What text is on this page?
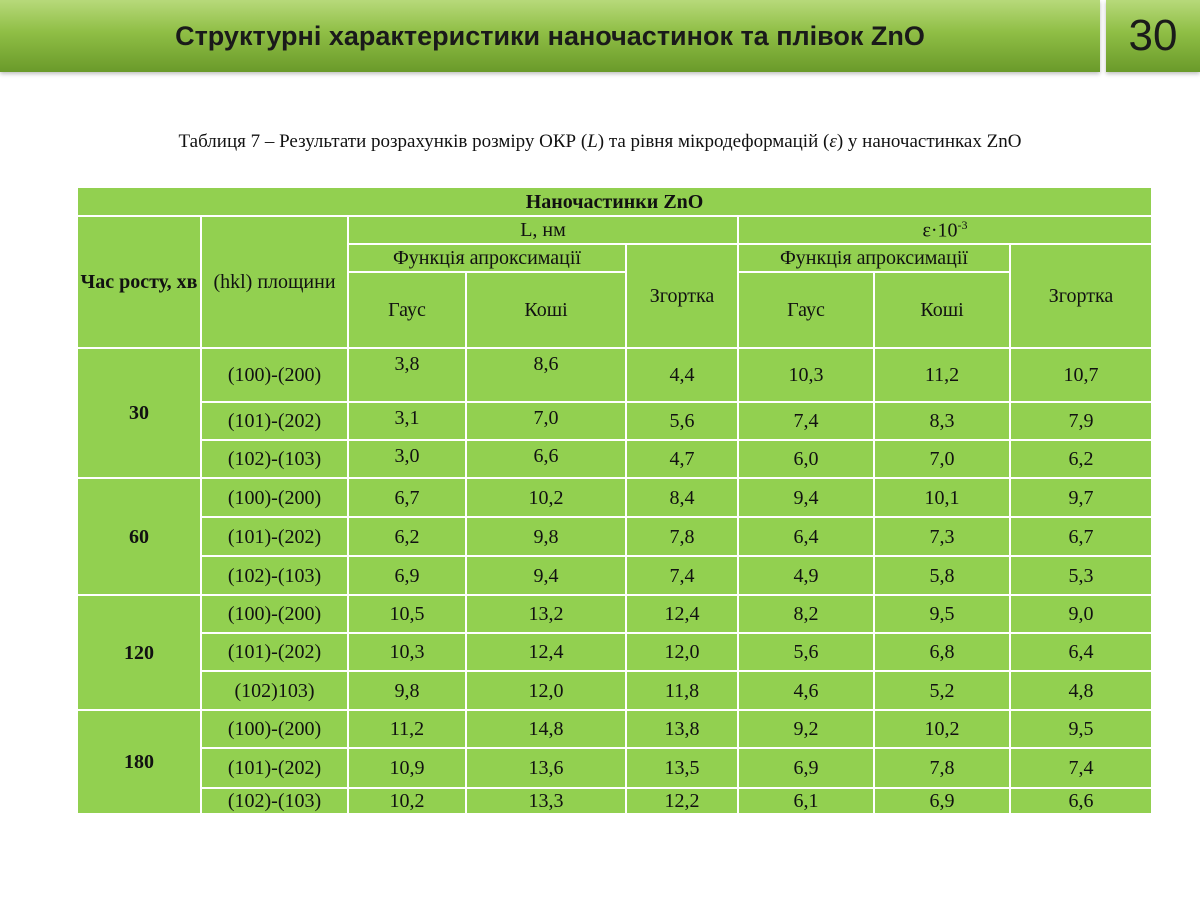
Структурні характеристики наночастинок та плівок ZnO	30
Таблиця 7 – Результати розрахунків розміру ОКР (L) та рівня мікродеформацій (ε) у наночастинках ZnO
Наночастинки ZnO							
Час росту, хв	(hkl) площини	L, нм			$\varepsilon\cdot 10^{-3}$
		Функція апроксимації		Згортка	Функція апроксимації		Згортка
		Гаус	Коші		Гаус	Коші	
30	(100)-(200)	3,8	8,6	4,4	10,3	11,2	10,7
	(101)-(202)	3,1	7,0	5,6	7,4	8,3	7,9
	(102)-(103)	3,0	6,6	4,7	6,0	7,0	6,2
60	(100)-(200)	6,7	10,2	8,4	9,4	10,1	9,7
	(101)-(202)	6,2	9,8	7,8	6,4	7,3	6,7
	(102)-(103)	6,9	9,4	7,4	4,9	5,8	5,3
120	(100)-(200)	10,5	13,2	12,4	8,2	9,5	9,0
	(101)-(202)	10,3	12,4	12,0	5,6	6,8	6,4
	(102)103)	9,8	12,0	11,8	4,6	5,2	4,8
180	(100)-(200)	11,2	14,8	13,8	9,2	10,2	9,5
	(101)-(202)	10,9	13,6	13,5	6,9	7,8	7,4
	(102)-(103)	10,2	13,3	12,2	6,1	6,9	6,6
